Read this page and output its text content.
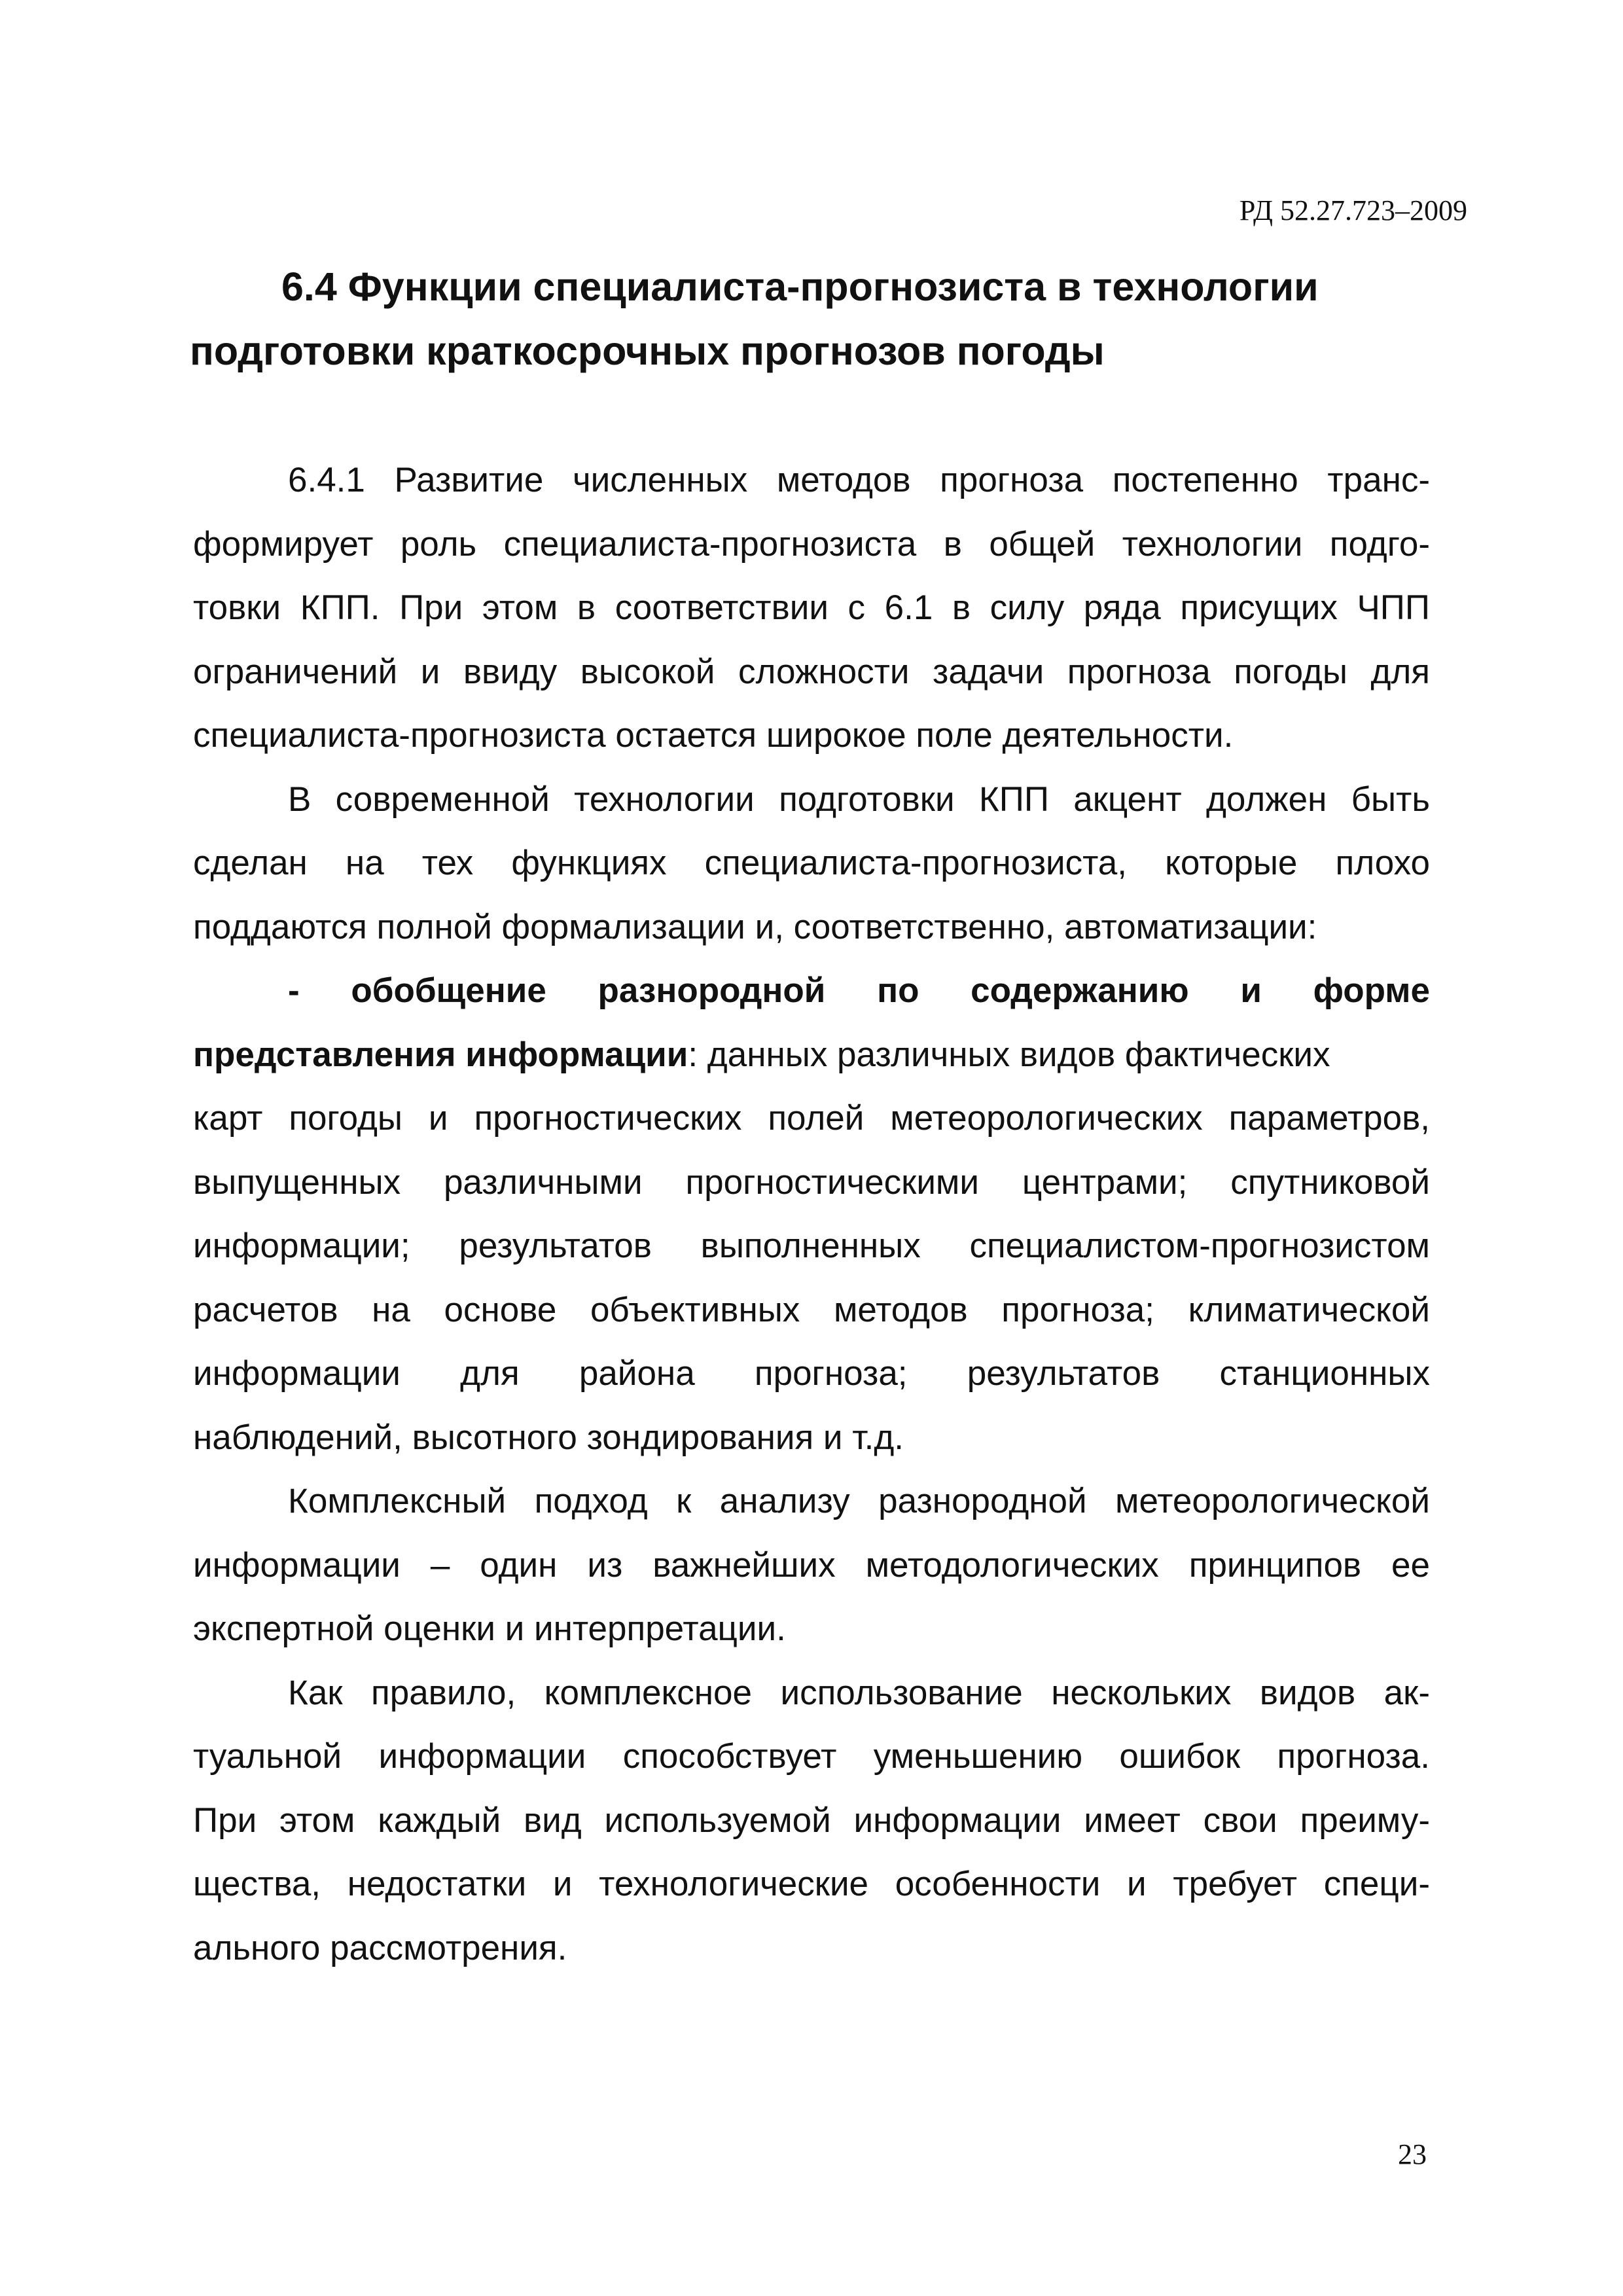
РД 52.27.723–2009
6.4 Функции специалиста-прогнозиста в технологии
подготовки краткосрочных прогнозов погоды
6.4.1 Развитие численных методов прогноза постепенно транс-
формирует роль специалиста-прогнозиста в общей технологии подго-
товки КПП. При этом в соответствии с 6.1 в силу ряда присущих ЧПП
ограничений и ввиду высокой сложности задачи прогноза погоды для
специалиста-прогнозиста остается широкое поле деятельности.
В современной технологии подготовки КПП акцент должен быть
сделан на тех функциях специалиста-прогнозиста, которые плохо
поддаются полной формализации и, соответственно, автоматизации:
- обобщение разнородной по содержанию и форме
представления информации: данных различных видов фактических
карт погоды и прогностических полей метеорологических параметров,
выпущенных различными прогностическими центрами; спутниковой
информации; результатов выполненных специалистом-прогнозистом
расчетов на основе объективных методов прогноза; климатической
информации для района прогноза; результатов станционных
наблюдений, высотного зондирования и т.д.
Комплексный подход к анализу разнородной метеорологической
информации – один из важнейших методологических принципов ее
экспертной оценки и интерпретации.
Как правило, комплексное использование нескольких видов ак-
туальной информации способствует уменьшению ошибок прогноза.
При этом каждый вид используемой информации имеет свои преиму-
щества, недостатки и технологические особенности и требует специ-
ального рассмотрения.
23
